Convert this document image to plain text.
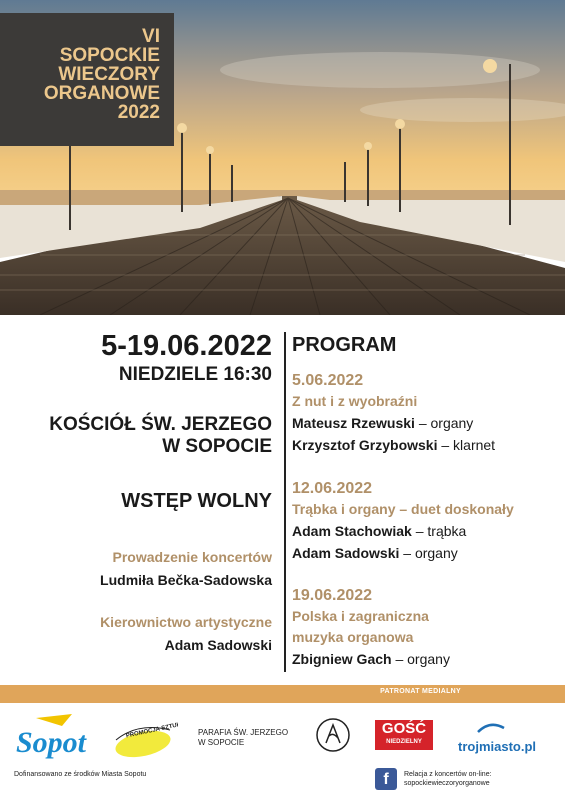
VI
SOPOCKIE
WIECZORY
ORGANOWE
2022
5-19.06.2022
NIEDZIELE 16:30
KOŚCIÓŁ ŚW. JERZEGO
W SOPOCIE
WSTĘP WOLNY
Prowadzenie koncertów
Ludmiła Bečka-Sadowska
Kierownictwo artystyczne
Adam Sadowski
PROGRAM
5.06.2022
Z nut i z wyobraźni
Mateusz Rzewuski – organy
Krzysztof Grzybowski – klarnet
12.06.2022
Trąbka i organy – duet doskonały
Adam Stachowiak – trąbka
Adam Sadowski – organy
19.06.2022
Polska i zagraniczna
muzyka organowa
Zbigniew Gach – organy
PATRONAT MEDIALNY
Sopot
Dofinansowano ze środków Miasta Sopotu
PROMOCJA SZTUKI PARAFIA ŚW. JERZEGO
W SOPOCIE
GOŚĆ
NIEDZIELNY	trojmiasto.pl
f	Relacja z koncertów on-line:
sopockiewieczoryorganowe
